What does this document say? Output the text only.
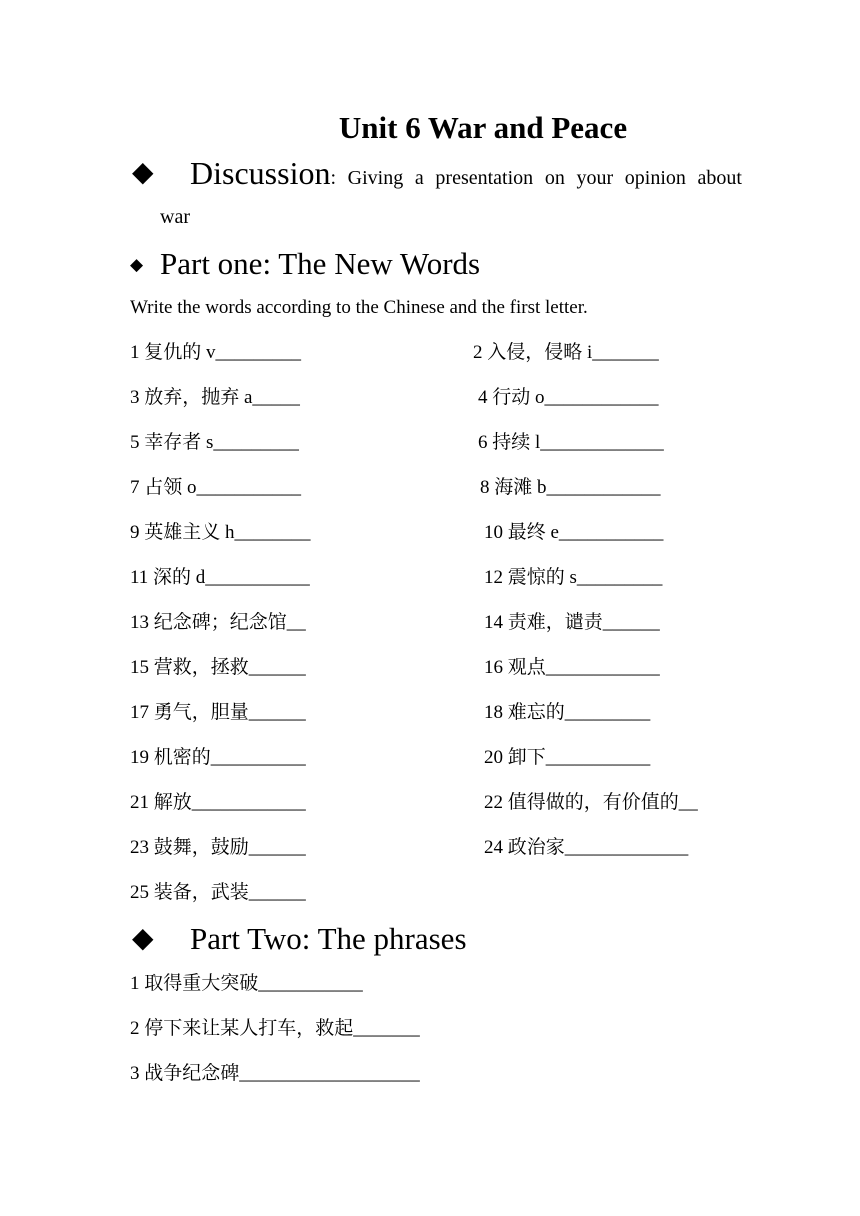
Unit 6 War and Peace
◆ Discussion: Giving a presentation on your opinion about
war
◆ Part one: The New Words
Write the words according to the Chinese and the first letter.
1 复仇的 v_________	2 入侵，侵略 i_______
3 放弃，抛弃 a_____	4 行动 o____________
5 幸存者 s_________	6 持续 l_____________
7 占领 o___________	8 海滩 b____________
9 英雄主义 h________	10 最终 e___________
11 深的 d___________	12 震惊的 s_________
13 纪念碑；纪念馆__	14 责难，谴责______
15 营救，拯救______	16 观点____________
17 勇气，胆量______	18 难忘的_________
19 机密的__________	20 卸下___________
21 解放____________	22 值得做的，有价值的__
23 鼓舞，鼓励______	24 政治家_____________
25 装备，武装______
◆ Part Two: The phrases
1 取得重大突破___________
2 停下来让某人打车，救起_______
3 战争纪念碑___________________
